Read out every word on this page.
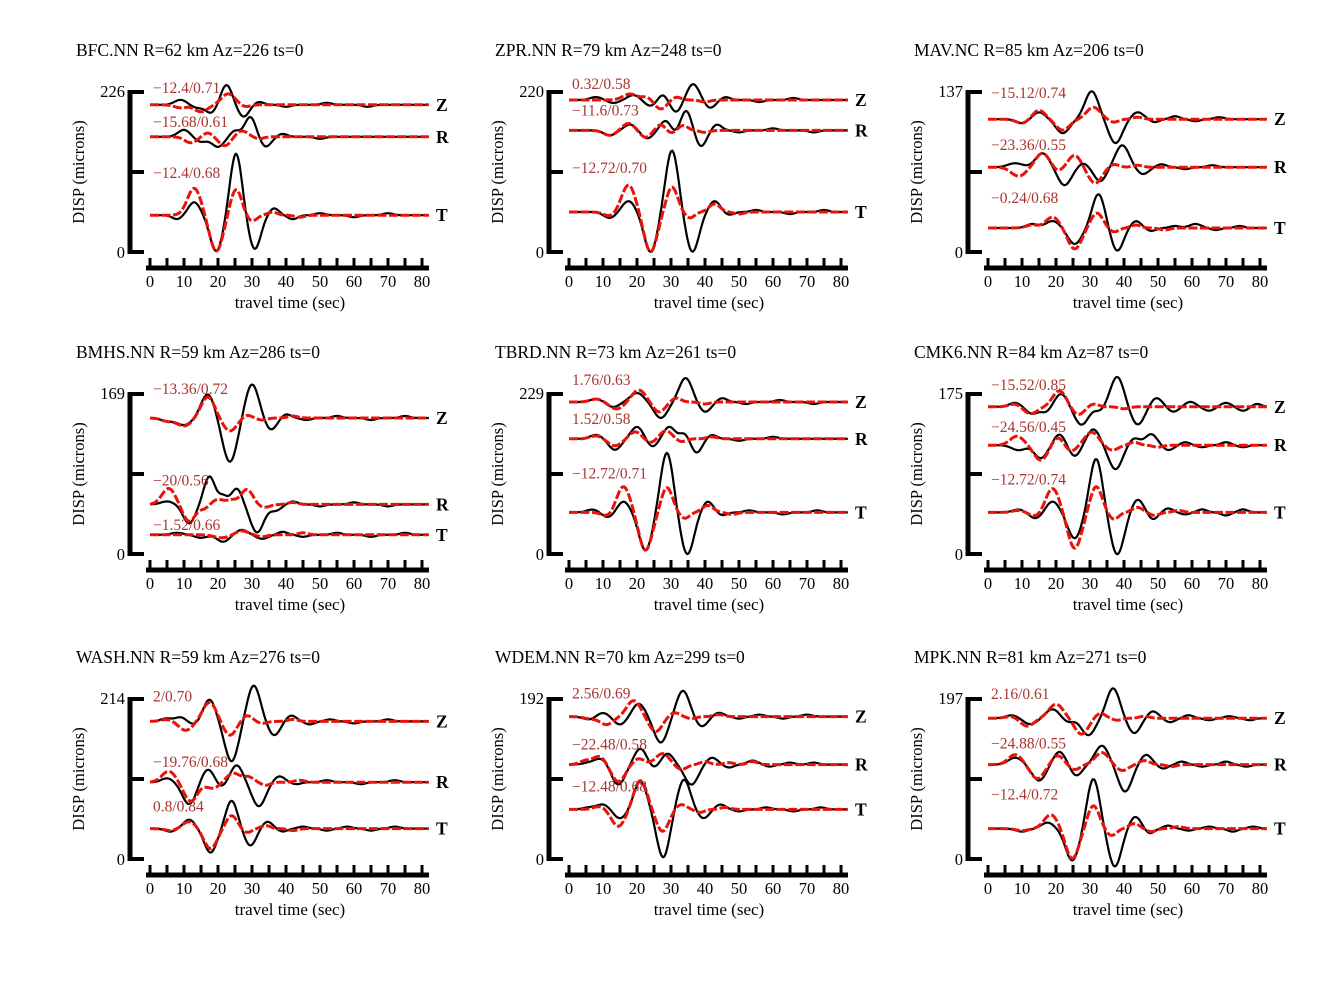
BFC.NN R=62 km Az=226 ts=0
226
0
DISP (microns)
0 10 20 30 40 50 60 70 80
travel time (sec)
−12.4/0.71
Z
−15.68/0.61
R
−12.4/0.68
T
ZPR.NN R=79 km Az=248 ts=0
220
0
DISP (microns)
0 10 20 30 40 50 60 70 80
travel time (sec)
0.32/0.58
Z
−11.6/0.73
R
−12.72/0.70
T
MAV.NC R=85 km Az=206 ts=0
137
0
DISP (microns)
0 10 20 30 40 50 60 70 80
travel time (sec)
−15.12/0.74
Z
−23.36/0.55
R
−0.24/0.68
T
BMHS.NN R=59 km Az=286 ts=0
169
0
DISP (microns)
0 10 20 30 40 50 60 70 80
travel time (sec)
−13.36/0.72
Z
−20/0.56
R
−1.52/0.66	T
TBRD.NN R=73 km Az=261 ts=0
229
0
DISP (microns)
0 10 20 30 40 50 60 70 80
travel time (sec)
1.76/0.63
Z
1.52/0.58
R
−12.72/0.71
T
CMK6.NN R=84 km Az=87 ts=0
175
0
DISP (microns)
0 10 20 30 40 50 60 70 80
travel time (sec)
−15.52/0.85
Z
−24.56/0.45
R
−12.72/0.74
T
WASH.NN R=59 km Az=276 ts=0
214
0
DISP (microns)
0 10 20 30 40 50 60 70 80
travel time (sec)
2/0.70
Z
−19.76/0.68
R
0.8/0.84
T
WDEM.NN R=70 km Az=299 ts=0
192
0
DISP (microns)
0 10 20 30 40 50 60 70 80
travel time (sec)
2.56/0.69
Z
−22.48/0.58
R
−12.48/0.68
T
MPK.NN R=81 km Az=271 ts=0
197
0
DISP (microns)
0 10 20 30 40 50 60 70 80
travel time (sec)
2.16/0.61
Z
−24.88/0.55
R
−12.4/0.72
T
